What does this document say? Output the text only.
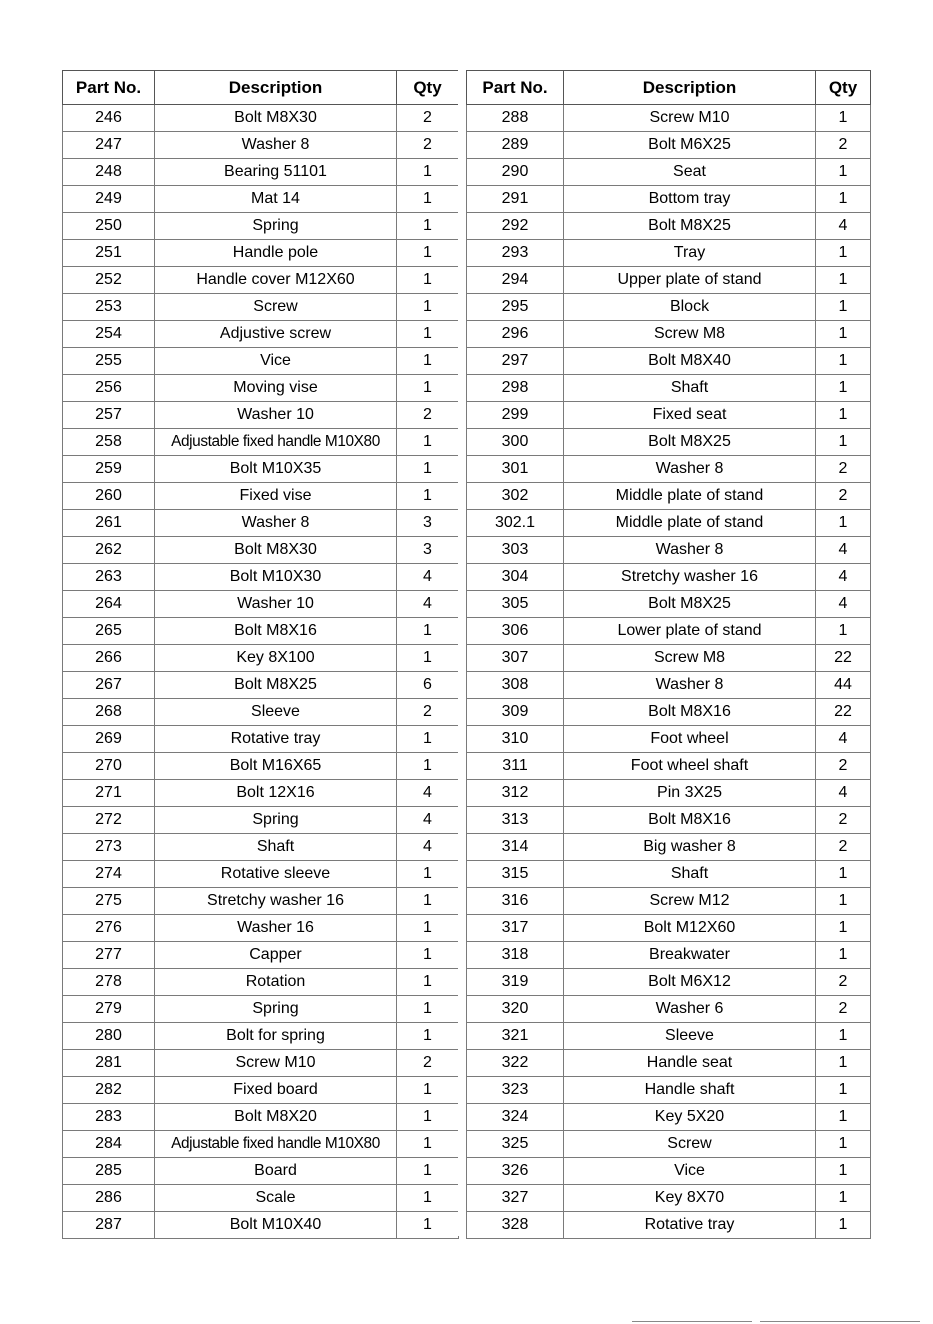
Part No.	Description	Qty
246	Bolt M8X30	2
247	Washer 8	2
248	Bearing 51101	1
249	Mat 14	1
250	Spring	1
251	Handle pole	1
252	Handle cover M12X60	1
253	Screw	1
254	Adjustive screw	1
255	Vice	1
256	Moving vise	1
257	Washer 10	2
258	Adjustable fixed handle M10X80	1
259	Bolt M10X35	1
260	Fixed vise	1
261	Washer 8	3
262	Bolt M8X30	3
263	Bolt M10X30	4
264	Washer 10	4
265	Bolt M8X16	1
266	Key 8X100	1
267	Bolt M8X25	6
268	Sleeve	2
269	Rotative tray	1
270	Bolt M16X65	1
271	Bolt 12X16	4
272	Spring	4
273	Shaft	4
274	Rotative sleeve	1
275	Stretchy washer 16	1
276	Washer 16	1
277	Capper	1
278	Rotation	1
279	Spring	1
280	Bolt for spring	1
281	Screw M10	2
282	Fixed board	1
283	Bolt M8X20	1
284	Adjustable fixed handle M10X80	1
285	Board	1
286	Scale	1
287	Bolt M10X40	1
Part No.	Description	Qty
288	Screw M10	1
289	Bolt M6X25	2
290	Seat	1
291	Bottom tray	1
292	Bolt M8X25	4
293	Tray	1
294	Upper plate of stand	1
295	Block	1
296	Screw M8	1
297	Bolt M8X40	1
298	Shaft	1
299	Fixed seat	1
300	Bolt M8X25	1
301	Washer 8	2
302	Middle plate of stand	2
302.1	Middle plate of stand	1
303	Washer 8	4
304	Stretchy washer 16	4
305	Bolt M8X25	4
306	Lower plate of stand	1
307	Screw M8	22
308	Washer 8	44
309	Bolt M8X16	22
310	Foot wheel	4
311	Foot wheel shaft	2
312	Pin 3X25	4
313	Bolt M8X16	2
314	Big washer 8	2
315	Shaft	1
316	Screw M12	1
317	Bolt M12X60	1
318	Breakwater	1
319	Bolt M6X12	2
320	Washer 6	2
321	Sleeve	1
322	Handle seat	1
323	Handle shaft	1
324	Key 5X20	1
325	Screw	1
326	Vice	1
327	Key 8X70	1
328	Rotative tray	1
